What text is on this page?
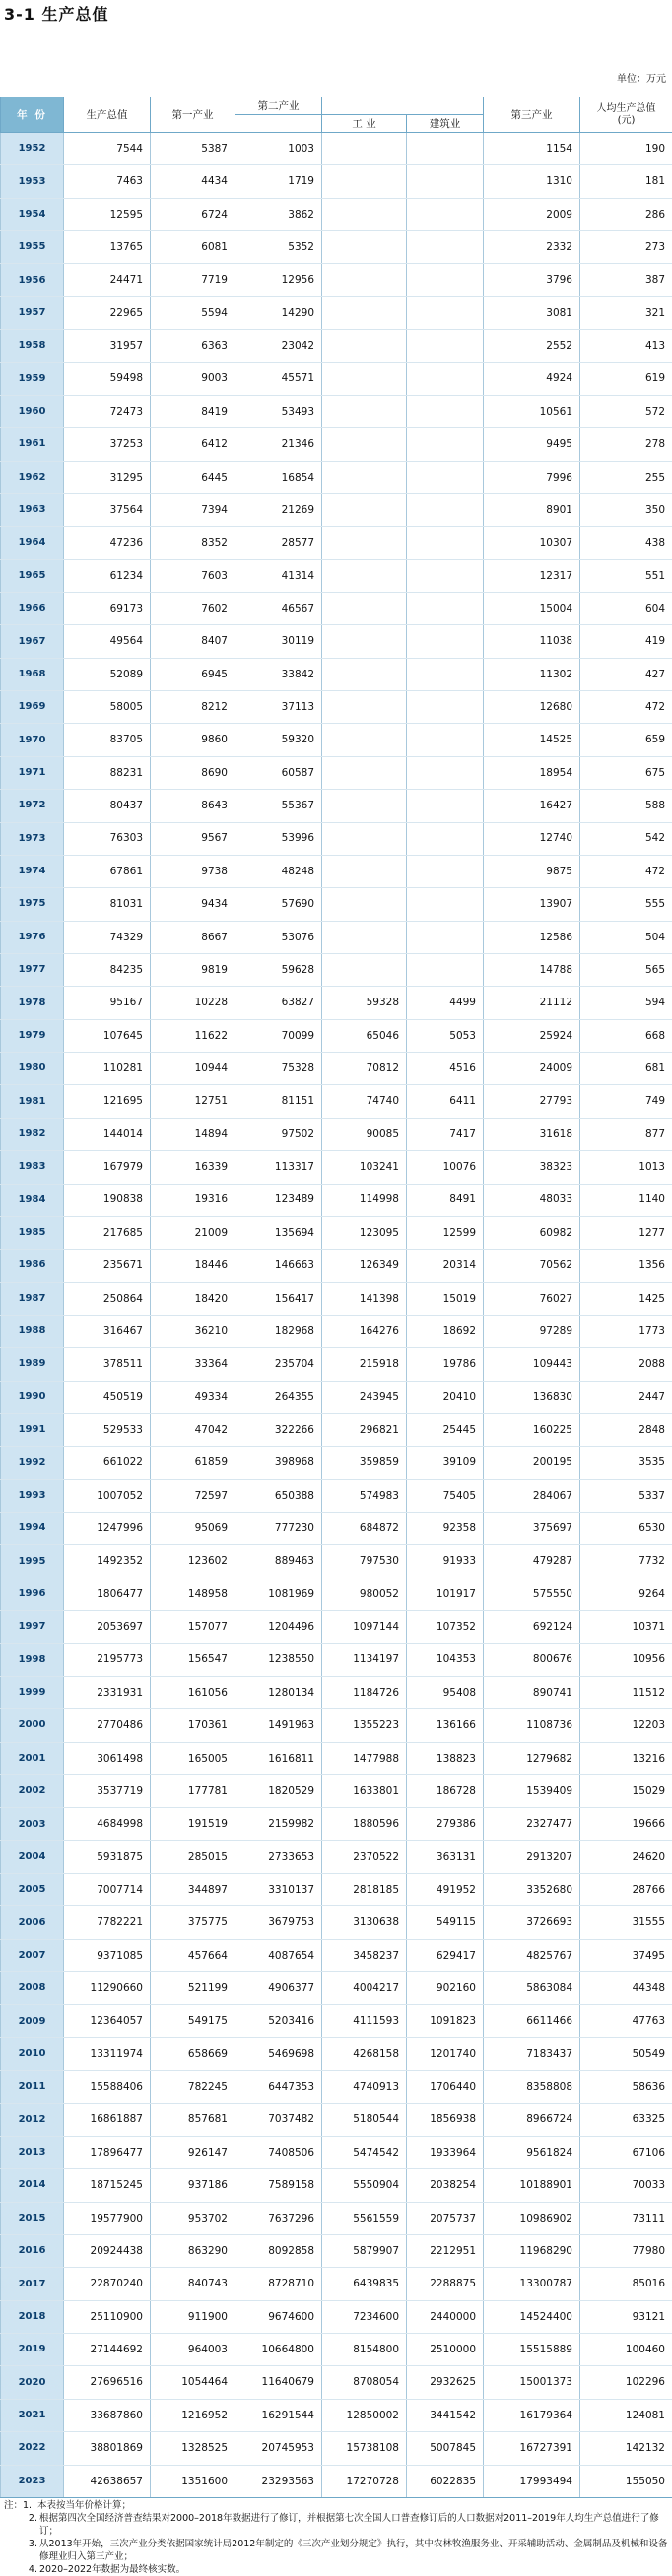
3-1 生产总值
单位：万元
年 份	生产总值	第一产业	第二产业			第三产业	人均生产总值
(元)
				工 业	建筑业		
1952	7544	5387	1003			1154	190
1953	7463	4434	1719			1310	181
1954	12595	6724	3862			2009	286
1955	13765	6081	5352			2332	273
1956	24471	7719	12956			3796	387
1957	22965	5594	14290			3081	321
1958	31957	6363	23042			2552	413
1959	59498	9003	45571			4924	619
1960	72473	8419	53493			10561	572
1961	37253	6412	21346			9495	278
1962	31295	6445	16854			7996	255
1963	37564	7394	21269			8901	350
1964	47236	8352	28577			10307	438
1965	61234	7603	41314			12317	551
1966	69173	7602	46567			15004	604
1967	49564	8407	30119			11038	419
1968	52089	6945	33842			11302	427
1969	58005	8212	37113			12680	472
1970	83705	9860	59320			14525	659
1971	88231	8690	60587			18954	675
1972	80437	8643	55367			16427	588
1973	76303	9567	53996			12740	542
1974	67861	9738	48248			9875	472
1975	81031	9434	57690			13907	555
1976	74329	8667	53076			12586	504
1977	84235	9819	59628			14788	565
1978	95167	10228	63827	59328	4499	21112	594
1979	107645	11622	70099	65046	5053	25924	668
1980	110281	10944	75328	70812	4516	24009	681
1981	121695	12751	81151	74740	6411	27793	749
1982	144014	14894	97502	90085	7417	31618	877
1983	167979	16339	113317	103241	10076	38323	1013
1984	190838	19316	123489	114998	8491	48033	1140
1985	217685	21009	135694	123095	12599	60982	1277
1986	235671	18446	146663	126349	20314	70562	1356
1987	250864	18420	156417	141398	15019	76027	1425
1988	316467	36210	182968	164276	18692	97289	1773
1989	378511	33364	235704	215918	19786	109443	2088
1990	450519	49334	264355	243945	20410	136830	2447
1991	529533	47042	322266	296821	25445	160225	2848
1992	661022	61859	398968	359859	39109	200195	3535
1993	1007052	72597	650388	574983	75405	284067	5337
1994	1247996	95069	777230	684872	92358	375697	6530
1995	1492352	123602	889463	797530	91933	479287	7732
1996	1806477	148958	1081969	980052	101917	575550	9264
1997	2053697	157077	1204496	1097144	107352	692124	10371
1998	2195773	156547	1238550	1134197	104353	800676	10956
1999	2331931	161056	1280134	1184726	95408	890741	11512
2000	2770486	170361	1491963	1355223	136166	1108736	12203
2001	3061498	165005	1616811	1477988	138823	1279682	13216
2002	3537719	177781	1820529	1633801	186728	1539409	15029
2003	4684998	191519	2159982	1880596	279386	2327477	19666
2004	5931875	285015	2733653	2370522	363131	2913207	24620
2005	7007714	344897	3310137	2818185	491952	3352680	28766
2006	7782221	375775	3679753	3130638	549115	3726693	31555
2007	9371085	457664	4087654	3458237	629417	4825767	37495
2008	11290660	521199	4906377	4004217	902160	5863084	44348
2009	12364057	549175	5203416	4111593	1091823	6611466	47763
2010	13311974	658669	5469698	4268158	1201740	7183437	50549
2011	15588406	782245	6447353	4740913	1706440	8358808	58636
2012	16861887	857681	7037482	5180544	1856938	8966724	63325
2013	17896477	926147	7408506	5474542	1933964	9561824	67106
2014	18715245	937186	7589158	5550904	2038254	10188901	70033
2015	19577900	953702	7637296	5561559	2075737	10986902	73111
2016	20924438	863290	8092858	5879907	2212951	11968290	77980
2017	22870240	840743	8728710	6439835	2288875	13300787	85016
2018	25110900	911900	9674600	7234600	2440000	14524400	93121
2019	27144692	964003	10664800	8154800	2510000	15515889	100460
2020	27696516	1054464	11640679	8708054	2932625	15001373	102296
2021	33687860	1216952	16291544	12850002	3441542	16179364	124081
2022	38801869	1328525	20745953	15738108	5007845	16727391	142132
2023	42638657	1351600	23293563	17270728	6022835	17993494	155050
注：1. 本表按当年价格计算；
2. 根据第四次全国经济普查结果对2000–2018年数据进行了修订，并根据第七次全国人口普查修订后的人口数据对2011–2019年人均生产总值进行了修订；
3. 从2013年开始，三次产业分类依据国家统计局2012年制定的《三次产业划分规定》执行，其中农林牧渔服务业、开采辅助活动、金属制品及机械和设备修理业归入第三产业；
4. 2020–2022年数据为最终核实数。
